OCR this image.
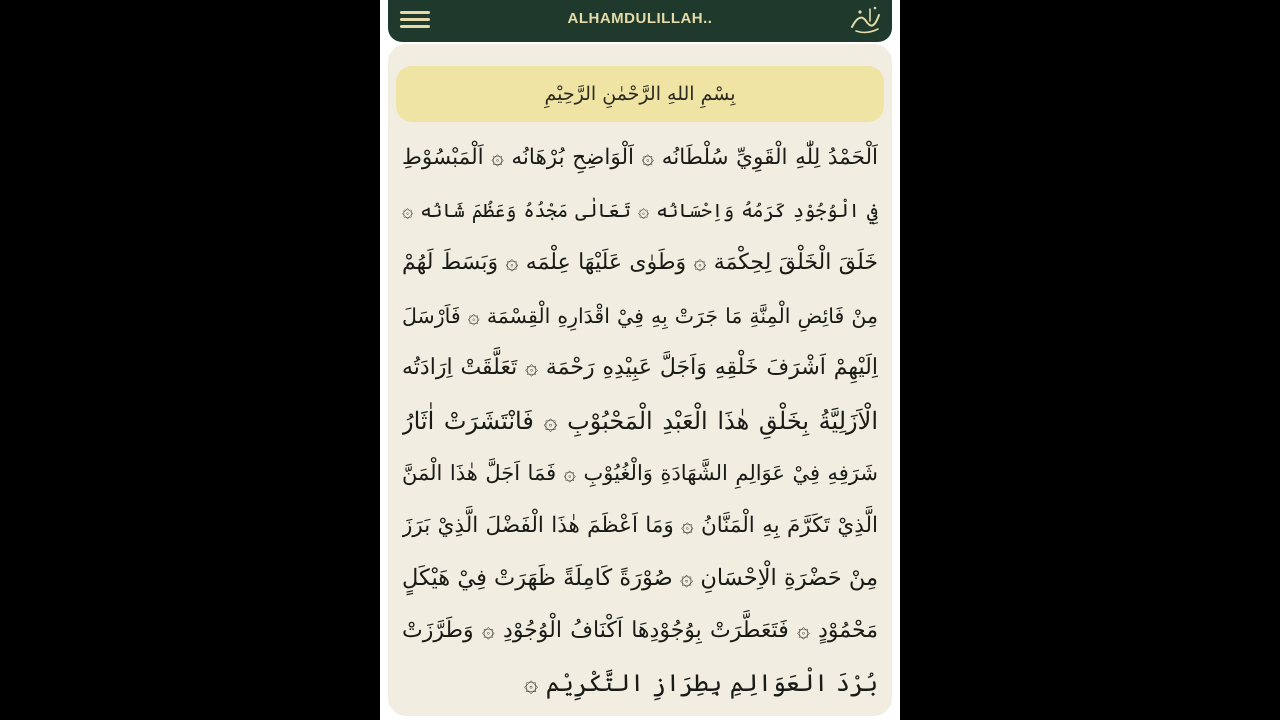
ALHAMDULILLAH..
بِسْمِ اللهِ الرَّحْمٰنِ الرَّحِيْمِ
اَلْحَمْدُ لِلّٰهِ الْقَوِيِّ سُلْطَانُه ۞ اَلْوَاضِحِ بُرْهَانُه ۞ اَلْمَبْسُوْطِ
فِي الْوُجُوْدِ كَرَمُهُ وَاِحْسَانُه ۞ تَعَالٰى مَجْدُهُ وَعَظُمَ شَانُه ۞
خَلَقَ الْخَلْقَ لِحِكْمَة ۞ وَطَوٰى عَلَيْهَا عِلْمَه ۞ وَبَسَطَ لَهُمْ
مِنْ فَائِضِ الْمِنَّةِ مَا جَرَتْ بِهِ فِيْ اقْدَارِهِ الْقِسْمَة ۞ فَاَرْسَلَ
اِلَيْهِمْ اَشْرَفَ خَلْقِهِ وَاَجَلَّ عَبِيْدِهِ رَحْمَة ۞ تَعَلَّقَتْ اِرَادَتُه
الْاَزَلِيَّةُ بِخَلْقِ هٰذَا الْعَبْدِ الْمَحْبُوْبِ ۞ فَانْتَشَرَتْ اٰثَارُ
شَرَفِهِ فِيْ عَوَالِمِ الشَّهَادَةِ وَالْغُيُوْبِ ۞ فَمَا اَجَلَّ هٰذَا الْمَنَّ
الَّذِيْ تَكَرَّمَ بِهِ الْمَنَّانُ ۞ وَمَا اَعْظَمَ هٰذَا الْفَضْلَ الَّذِيْ بَرَزَ
مِنْ حَضْرَةِ الْاِحْسَانِ ۞ صُوْرَةً كَامِلَةً ظَهَرَتْ فِيْ هَيْكَلٍ
مَحْمُوْدٍ ۞ فَتَعَطَّرَتْ بِوُجُوْدِهَا اَكْنَافُ الْوُجُوْدِ ۞ وَطَرَّزَتْ
بُرْدَ الْعَوَالِمِ بِطِرَازِ التَّكْرِيْم ۞
